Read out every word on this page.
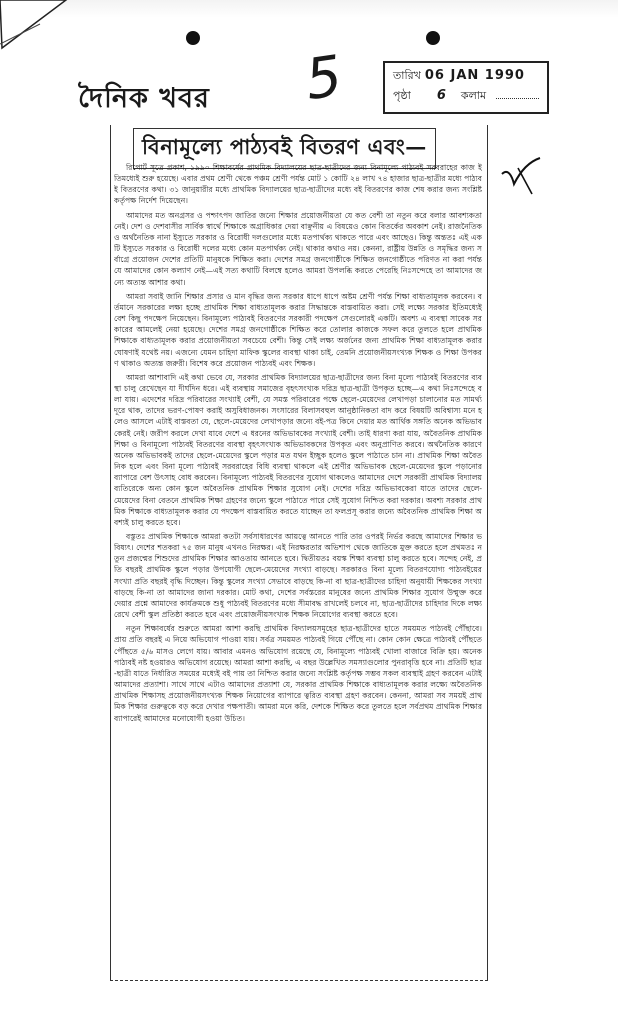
দৈনিক খবর 5	তারিখ 06 JAN 1990
পৃষ্ঠা 6 কলাম
বিনামূল্যে পাঠ্যবই বিতরণ এবং—

রিপোর্ট সূত্রে প্রকাশ, ১৯৯০ শিক্ষাবর্ষের প্রাথমিক বিদ্যালয়ের ছাত্র-ছাত্রীদের জন্য বিনামূল্যে পাঠ্যবই সরবরাহের কাজ ইতিমধ্যেই শুরু হয়েছে। এবার প্রথম শ্রেণী থেকে পঞ্চম শ্রেণী পর্যন্ত মোট ১ কোটি ২৪ লাখ ৭৪ হাজার ছাত্র-ছাত্রীর মধ্যে পাঠ্যবই বিতরণের কথা। ৩১ জানুয়ারীর মধ্যে প্রাথমিক বিদ্যালয়ের ছাত্র-ছাত্রীদের মধ্যে বই বিতরণের কাজ শেষ করার জন্য সংশ্লিষ্ট কর্তৃপক্ষ নির্দেশ দিয়েছেন।

আমাদের মত অনগ্রসর ও পশ্চাৎপদ জাতির জন্যে শিক্ষার প্রয়োজনীয়তা যে কত বেশী তা নতুন করে বলার আবশ্যকতা নেই। দেশ ও দেশবাসীর সার্বিক স্বার্থে শিক্ষাকে অগ্রাধিকার দেয়া বাঞ্ছনীয় এ বিষয়েও কোন বিতর্কের অবকাশ নেই। রাজনৈতিক ও অর্থনৈতিক নানা ইস্যুতে সরকার ও বিরোধী দলগুলোর মধ্যে মতপার্থক্য থাকতে পারে এবং আছেও। কিন্তু অন্ততঃ এই একটি ইস্যুতে সরকার ও বিরোধী দলের মধ্যে কোন মতপার্থক্য নেই। থাকার কথাও নয়। কেননা, রাষ্ট্রীয় উন্নতি ও সমৃদ্ধির জন্য সর্বাগ্রে প্রয়োজন দেশের প্রতিটি মানুষকে শিক্ষিত করা। দেশের সমগ্র জনগোষ্ঠীকে শিক্ষিত জনগোষ্ঠীতে পরিণত না করা পর্যন্ত যে আমাদের কোন কল্যাণ নেই—এই সত্য কথাটি বিলম্বে হলেও আমরা উপলব্ধি করতে পেরেছি নিঃসন্দেহে তা আমাদের জন্যে অত্যন্ত আশার কথা।

আমরা সবাই জানি শিক্ষার প্রসার ও মান বৃদ্ধির জন্য সরকার ধাপে ধাপে অষ্টম শ্রেণী পর্যন্ত শিক্ষা বাধ্যতামূলক করবেন। বর্তমানে সরকারের লক্ষ্য হচ্ছে প্রাথমিক শিক্ষা বাধ্যতামূলক করার সিদ্ধান্তকে বাস্তবায়িত করা। সেই লক্ষ্যে সরকার ইতিমধ্যেই বেশ কিছু পদক্ষেপ নিয়েছেন। বিনামূল্যে পাঠ্যবই বিতরণের সরকারী পদক্ষেপ সেগুলোরই একটি। অবশ্য এ ব্যবস্থা সাবেক সরকারের আমলেই নেয়া হয়েছে। দেশের সমগ্র জনগোষ্ঠীকে শিক্ষিত করে তোলার কাজকে সফল করে তুলতে হলে প্রাথমিক শিক্ষাকে বাধ্যতামূলক করার প্রয়োজনীয়তা সবচেয়ে বেশী। কিন্তু সেই লক্ষ্য অর্জনের জন্য প্রাথমিক শিক্ষা বাধ্যতামূলক করার ঘোষণাই যথেষ্ট নয়। এজন্যে যেমন চাহিদা মাফিক স্কুলের ব্যবস্থা থাকা চাই, তেমনি প্রয়োজনীয়সংখ্যক শিক্ষক ও শিক্ষা উপকরণ থাকাও অত্যন্ত জরুরী। বিশেষ করে প্রয়োজন পাঠ্যবই এবং শিক্ষক।

আমরা আশাবাদি এই কথা ভেবে যে, সরকার প্রাথমিক বিদ্যালয়ের ছাত্র-ছাত্রীদের জন্য বিনা মূল্যে পাঠ্যবই বিতরণের ব্যবস্থা চালু রেখেছেন যা দীর্ঘদিন ধরে। এই ব্যবস্থায় সমাজের বৃহৎসংখ্যক দরিদ্র ছাত্র-ছাত্রী উপকৃত হচ্ছে—এ কথা নিঃসন্দেহে বলা যায়। এদেশের দরিদ্র পরিবারের সংখ্যাই বেশী, যে সমস্ত পরিবারের পক্ষে ছেলে-মেয়েদের লেখাপড়া চালানোর মত সামর্থ্য দূরে থাক, তাদের ভরণ-পোষণ করাই অসুবিধাজনক। সংসারের বিলাসবহুল আনুষ্ঠানিকতা বাদ করে বিষয়টি অবিশ্বাস্য মনে হলেও আসলে এটাই বাস্তবতা যে, ছেলে-মেয়েদের লেখাপড়ার জন্যে বই-পত্র কিনে দেয়ার মত আর্থিক সঙ্গতি অনেক অভিভাবকেরই নেই। জরীপ করলে দেখা যাবে দেশে এ ধরনের অভিভাবকের সংখ্যাই বেশী। তাই ধারণা করা যায়, অবৈতনিক প্রাথমিক শিক্ষা ও বিনামূল্যে পাঠ্যবই বিতরণের ব্যবস্থা বৃহৎসংখ্যক অভিভাবকদের উপকৃত এবং অনুপ্রাণিত করবে। অর্থনৈতিক কারণে অনেক অভিভাবকই তাদের ছেলে-মেয়েদের স্কুলে পড়ার মত যথন ইচ্ছুক হলেও স্কুলে পাঠাতে চান না। প্রাথমিক শিক্ষা অবৈতনিক হলে এবং বিনা মূল্যে পাঠ্যবই সরবরাহের বিধি ব্যবস্থা থাকলে এই শ্রেণীর অভিভাবক ছেলে-মেয়েদের স্কুলে পড়ানোর ব্যাপারে বেশ উৎসাহ বোধ করবেন। বিনামূল্যে পাঠ্যবই বিতরণের সুযোগ থাকলেও আমাদের দেশে সরকারী প্রাথমিক বিদ্যালয় ব্যতিরেকে অন্য কোন স্কুলে অবৈতনিক প্রাথমিক শিক্ষার সুযোগ নেই। দেশের দরিদ্র অভিভাবকেরা যাতে তাদের ছেলে-মেয়েদের বিনা বেতনে প্রাথমিক শিক্ষা গ্রহণের জন্যে স্কুলে পাঠাতে পারে সেই সুযোগ নিশ্চিত করা দরকার। অবশ্য সরকার প্রাথমিক শিক্ষাকে বাধ্যতামূলক করার যে পদক্ষেপ বাস্তবায়িত করতে যাচ্ছেন তা ফলপ্রসূ করার জন্যে অবৈতনিক প্রাথমিক শিক্ষা অবশ্যই চালু করতে হবে।

বস্তুতঃ প্রাথমিক শিক্ষাকে আমরা কতটা সর্বসাধারণের আয়ত্বে আনতে পারি তার ওপরই নির্ভর করছে আমাদের শিক্ষার ভবিষ্যৎ। দেশের শতকরা ৭৫ জন মানুষ এখনও নিরক্ষর। এই নিরক্ষরতার অভিশাপ থেকে জাতিকে মুক্ত করতে হলে প্রথমতঃ নতুন প্রজন্মের শিশুদের প্রাথমিক শিক্ষার আওতায় আনতে হবে। দ্বিতীয়তঃ বয়স্ক শিক্ষা ব্যবস্থা চালু করতে হবে। সন্দেহ নেই, প্রতি বছরই প্রাথমিক স্কুলে পড়ার উপযোগী ছেলে-মেয়েদের সংখ্যা বাড়ছে। সরকারও বিনা মূল্যে বিতরণযোগ্য পাঠ্যবইয়ের সংখ্যা প্রতি বছরই বৃদ্ধি দিচ্ছেন। কিন্তু স্কুলের সংখ্যা সেভাবে বাড়ছে কি-না বা ছাত্র-ছাত্রীদের চাহিদা অনুযায়ী শিক্ষকের সংখ্যা বাড়ছে কি-না তা আমাদের জানা দরকার। মোট কথা, দেশের সর্বস্তরের মানুষের জন্যে প্রাথমিক শিক্ষার সুযোগ উন্মুক্ত করে দেয়ার প্রশ্নে আমাদের কার্যক্রমকে শুধু পাঠ্যবই বিতরণের মধ্যে সীমাবদ্ধ রাখলেই চলবে না, ছাত্র-ছাত্রীদের চাহিদার দিকে লক্ষ্য রেখে বেশী স্কুল প্রতিষ্ঠা করতে হবে এবং প্রয়োজনীয়সংখ্যক শিক্ষক নিয়োগের ব্যবস্থা করতে হবে।

নতুন শিক্ষাবর্ষের শুরুতে আমরা আশা করছি প্রাথমিক বিদ্যালয়সমূহের ছাত্র-ছাত্রীদের হাতে সময়মত পাঠ্যবই পৌঁছাবে। প্রায় প্রতি বছরই এ নিয়ে অভিযোগ পাওয়া যায়। সর্বত্র সময়মত পাঠ্যবই গিয়ে পৌঁছে না। কোন কোন ক্ষেত্রে পাঠ্যবই পৌঁছতে পৌঁছতে ৫/৬ মাসও লেগে যায়। আবার এমনও অভিযোগ রয়েছে যে, বিনামূল্যে পাঠ্যবই খোলা বাজারে বিক্রি হয়। অনেক পাঠ্যবই নষ্ট হওয়ারও অভিযোগ রয়েছে। আমরা আশা করছি, এ বছর উল্লেখিত সমস্যাগুলোর পুনরাবৃত্তি হবে না। প্রতিটি ছাত্র-ছাত্রী যাতে নির্ধারিত সময়ের মধ্যেই বই পায় তা নিশ্চিত করার জন্যে সংশ্লিষ্ট কর্তৃপক্ষ সম্ভব সকল ব্যবস্থাই গ্রহণ করবেন এটাই আমাদের প্রত্যাশা। সাথে সাথে এটাও আমাদের প্রত্যাশা যে, সরকার প্রাথমিক শিক্ষাকে বাধ্যতামূলক করার লক্ষ্যে অবৈতনিক প্রাথমিক শিক্ষাসহ প্রয়োজনীয়সংখ্যক শিক্ষক নিয়োগের ব্যাপারে ত্বরিত ব্যবস্থা গ্রহণ করবেন। কেননা, আমরা সব সময়ই প্রাথমিক শিক্ষার গুরুত্বকে বড় করে দেখার পক্ষপাতী। আমরা মনে করি, দেশকে শিক্ষিত করে তুলতে হলে সর্বপ্রথম প্রাথমিক শিক্ষার ব্যাপারেই আমাদের মনোযোগী হওয়া উচিত।
